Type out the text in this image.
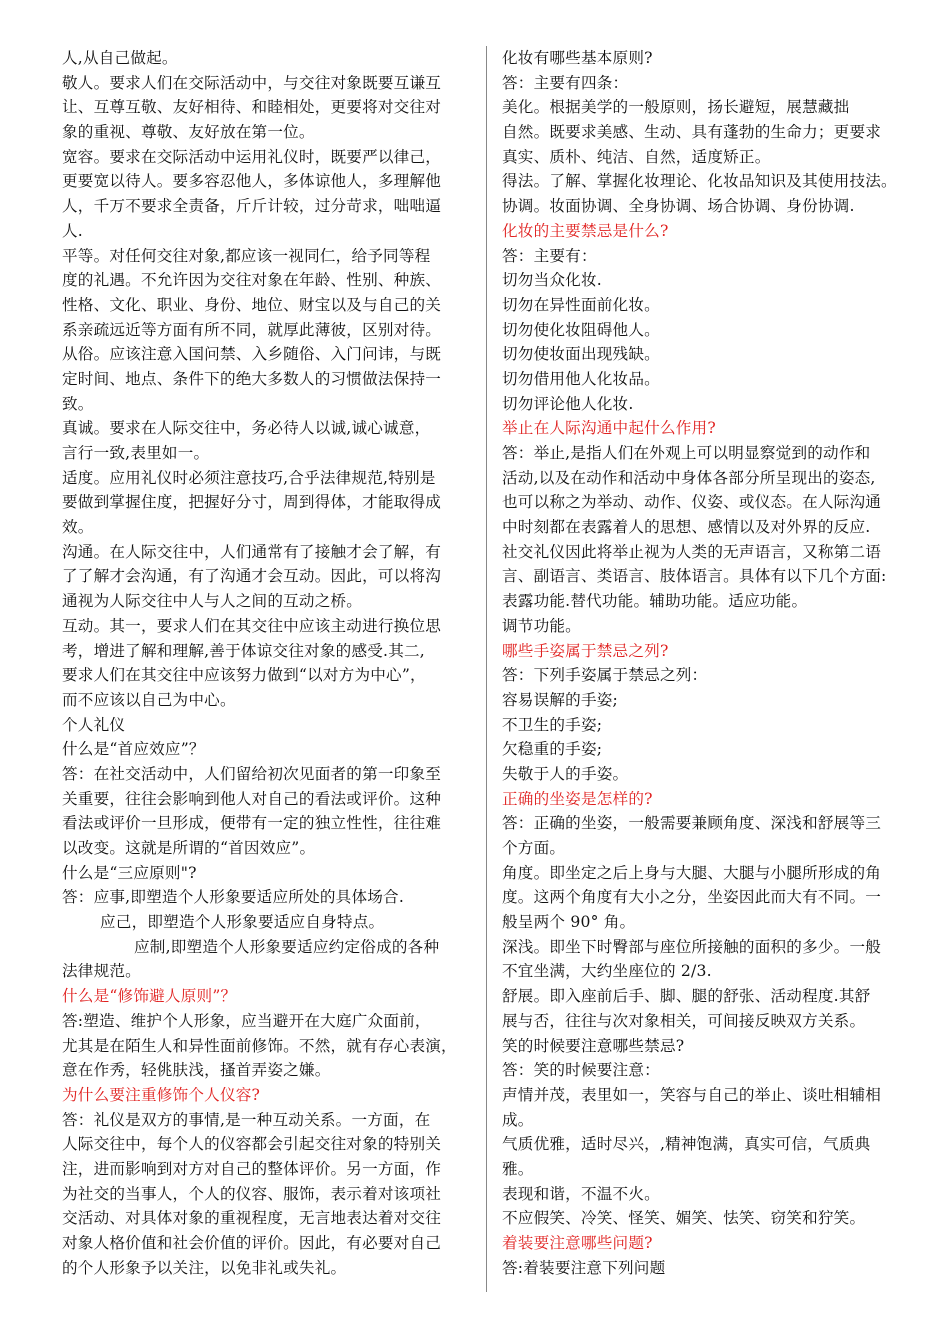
人,从自己做起。
敬人。要求人们在交际活动中，与交往对象既要互谦互
让、互尊互敬、友好相待、和睦相处，更要将对交往对
象的重视、尊敬、友好放在第一位。
宽容。要求在交际活动中运用礼仪时，既要严以律己，
更要宽以待人。要多容忍他人，多体谅他人，多理解他
人，千万不要求全责备，斤斤计较，过分苛求，咄咄逼
人.
平等。对任何交往对象,都应该一视同仁，给予同等程
度的礼遇。不允许因为交往对象在年龄、性别、种族、
性格、文化、职业、身份、地位、财宝以及与自己的关
系亲疏远近等方面有所不同，就厚此薄彼，区别对待。
从俗。应该注意入国问禁、入乡随俗、入门问讳，与既
定时间、地点、条件下的绝大多数人的习惯做法保持一
致。
真诚。要求在人际交往中，务必待人以诚,诚心诚意，
言行一致,表里如一。
适度。应用礼仪时必须注意技巧,合乎法律规范,特别是
要做到掌握住度，把握好分寸，周到得体，才能取得成
效。
沟通。在人际交往中，人们通常有了接触才会了解，有
了了解才会沟通，有了沟通才会互动。因此，可以将沟
通视为人际交往中人与人之间的互动之桥。
互动。其一，要求人们在其交往中应该主动进行换位思
考，增进了解和理解,善于体谅交往对象的感受.其二,
要求人们在其交往中应该努力做到“以对方为中心”，
而不应该以自己为中心。
个人礼仪
什么是“首应效应”？
答：在社交活动中，人们留给初次见面者的第一印象至
关重要，往往会影响到他人对自己的看法或评价。这种
看法或评价一旦形成，便带有一定的独立性性，往往难
以改变。这就是所谓的“首因效应”。
什么是“三应原则"?
答：应事,即塑造个人形象要适应所处的具体场合.
应己，即塑造个人形象要适应自身特点。
应制,即塑造个人形象要适应约定俗成的各种
法律规范。
什么是“修饰避人原则”？
答:塑造、维护个人形象，应当避开在大庭广众面前，
尤其是在陌生人和异性面前修饰。不然，就有存心表演，
意在作秀，轻佻肤浅，搔首弄姿之嫌。
为什么要注重修饰个人仪容?
答：礼仪是双方的事情,是一种互动关系。一方面，在
人际交往中，每个人的仪容都会引起交往对象的特别关
注，进而影响到对方对自己的整体评价。另一方面，作
为社交的当事人，个人的仪容、服饰，表示着对该项社
交活动、对具体对象的重视程度，无言地表达着对交往
对象人格价值和社会价值的评价。因此，有必要对自己
的个人形象予以关注，以免非礼或失礼。
化妆有哪些基本原则?
答：主要有四条：
美化。根据美学的一般原则，扬长避短，展慧藏拙
自然。既要求美感、生动、具有蓬勃的生命力；更要求
真实、质朴、纯洁、自然，适度矫正。
得法。了解、掌握化妆理论、化妆品知识及其使用技法。
协调。妆面协调、全身协调、场合协调、身份协调.
化妆的主要禁忌是什么?
答：主要有：
切勿当众化妆.
切勿在异性面前化妆。
切勿使化妆阻碍他人。
切勿使妆面出现残缺。
切勿借用他人化妆品。
切勿评论他人化妆.
举止在人际沟通中起什么作用?
答：举止,是指人们在外观上可以明显察觉到的动作和
活动,以及在动作和活动中身体各部分所呈现出的姿态,
也可以称之为举动、动作、仪姿、或仪态。在人际沟通
中时刻都在表露着人的思想、感情以及对外界的反应.
社交礼仪因此将举止视为人类的无声语言，又称第二语
言、副语言、类语言、肢体语言。具体有以下几个方面:
表露功能.替代功能。辅助功能。适应功能。
调节功能。
哪些手姿属于禁忌之列?
答：下列手姿属于禁忌之列：
容易误解的手姿;
不卫生的手姿;
欠稳重的手姿;
失敬于人的手姿。
正确的坐姿是怎样的?
答：正确的坐姿，一般需要兼顾角度、深浅和舒展等三
个方面。
角度。即坐定之后上身与大腿、大腿与小腿所形成的角
度。这两个角度有大小之分，坐姿因此而大有不同。一
般呈两个 90° 角。
深浅。即坐下时臀部与座位所接触的面积的多少。一般
不宜坐满，大约坐座位的 2/3.
舒展。即入座前后手、脚、腿的舒张、活动程度.其舒
展与否，往往与次对象相关，可间接反映双方关系。
笑的时候要注意哪些禁忌?
答：笑的时候要注意：
声情并茂，表里如一，笑容与自己的举止、谈吐相辅相
成。
气质优雅，适时尽兴，,精神饱满，真实可信，气质典
雅。
表现和谐，不温不火。
不应假笑、冷笑、怪笑、媚笑、怯笑、窃笑和狞笑。
着装要注意哪些问题?
答:着装要注意下列问题
